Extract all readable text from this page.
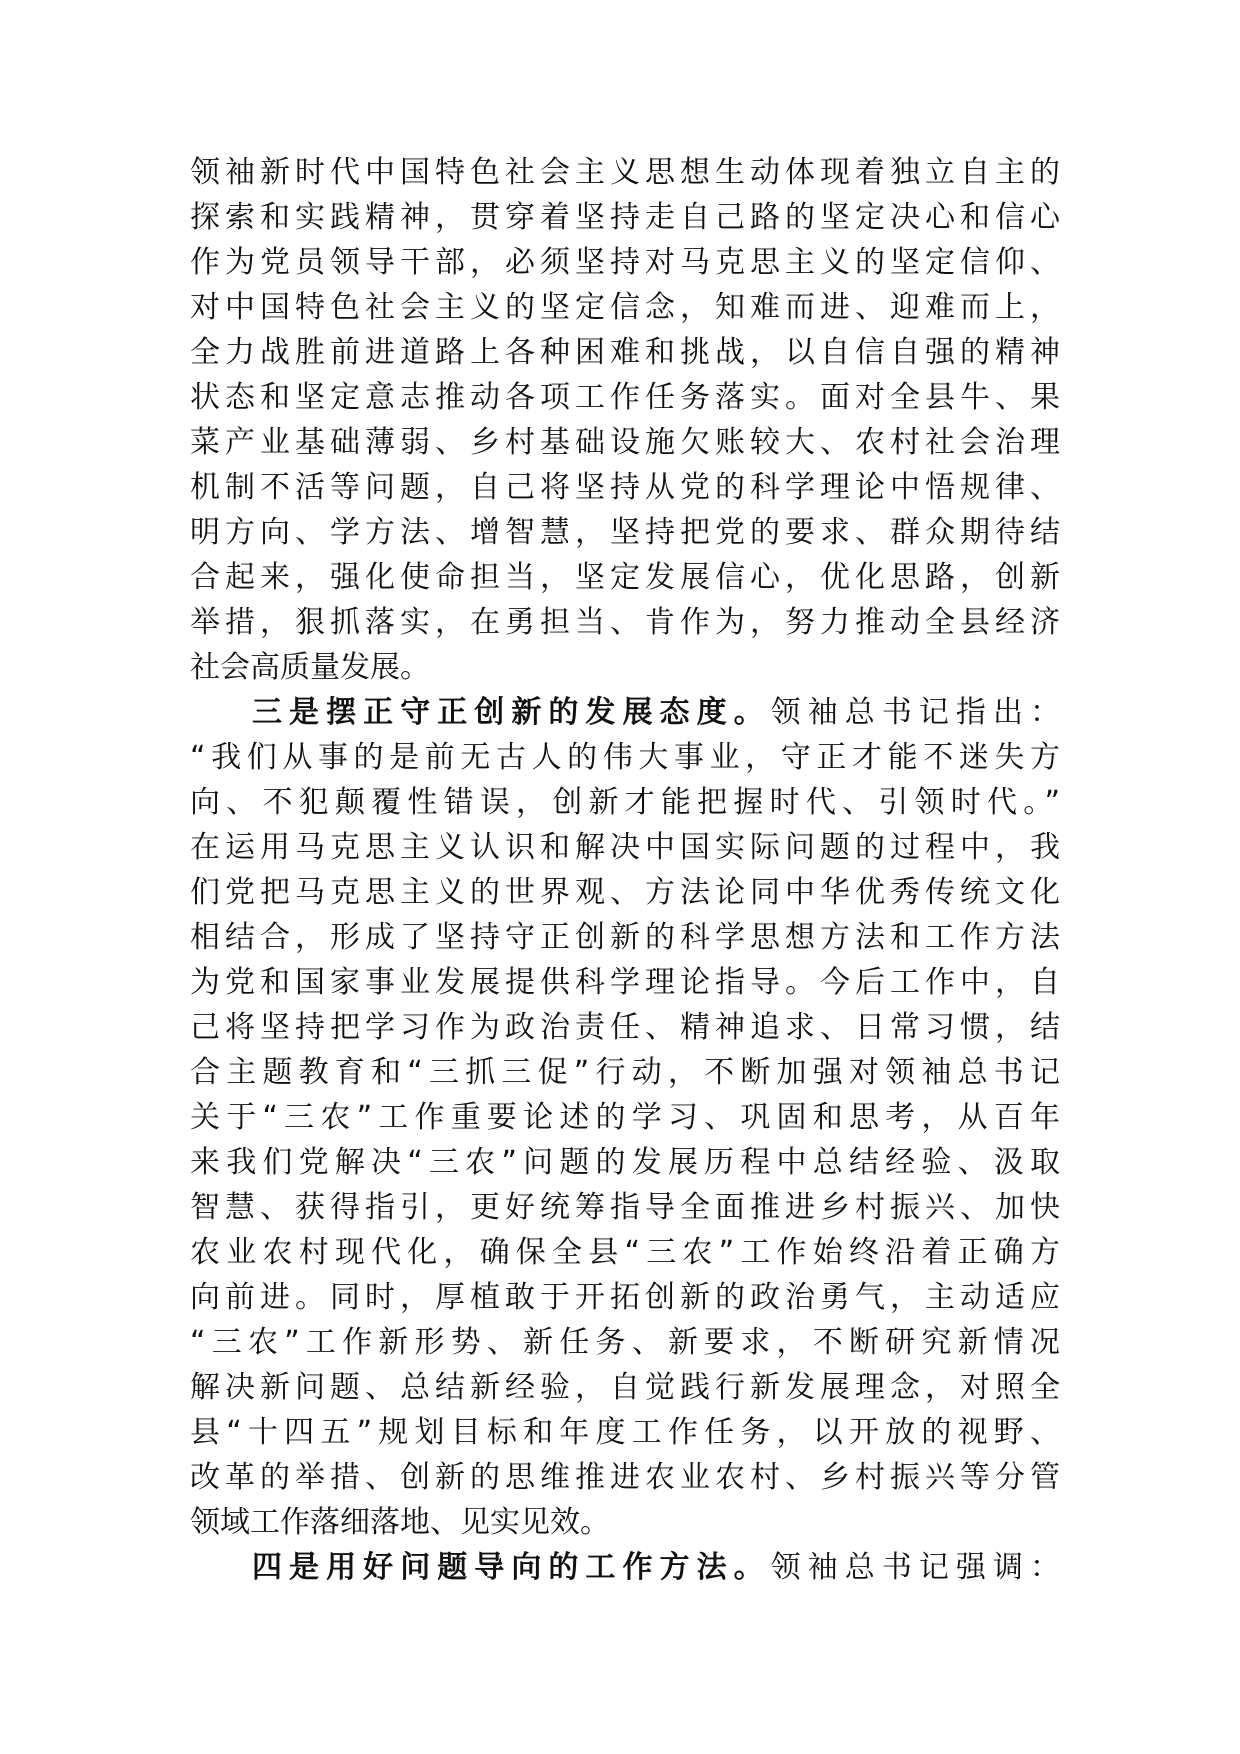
领袖新时代中国特色社会主义思想生动体现着独立自主的
探索和实践精神，贯穿着坚持走自己路的坚定决心和信心
作为党员领导干部，必须坚持对马克思主义的坚定信仰、
对中国特色社会主义的坚定信念，知难而进、迎难而上，
全力战胜前进道路上各种困难和挑战，以自信自强的精神
状态和坚定意志推动各项工作任务落实。面对全县牛、果
菜产业基础薄弱、乡村基础设施欠账较大、农村社会治理
机制不活等问题，自己将坚持从党的科学理论中悟规律、
明方向、学方法、增智慧，坚持把党的要求、群众期待结
合起来，强化使命担当，坚定发展信心，优化思路，创新
举措，狠抓落实，在勇担当、肯作为，努力推动全县经济
社会高质量发展。
三是摆正守正创新的发展态度。领袖总书记指出：
“我们从事的是前无古人的伟大事业，守正才能不迷失方
向、不犯颠覆性错误，创新才能把握时代、引领时代。”
在运用马克思主义认识和解决中国实际问题的过程中，我
们党把马克思主义的世界观、方法论同中华优秀传统文化
相结合，形成了坚持守正创新的科学思想方法和工作方法
为党和国家事业发展提供科学理论指导。今后工作中，自
己将坚持把学习作为政治责任、精神追求、日常习惯，结
合主题教育和“三抓三促”行动，不断加强对领袖总书记
关于“三农”工作重要论述的学习、巩固和思考，从百年
来我们党解决“三农”问题的发展历程中总结经验、汲取
智慧、获得指引，更好统筹指导全面推进乡村振兴、加快
农业农村现代化，确保全县“三农”工作始终沿着正确方
向前进。同时，厚植敢于开拓创新的政治勇气，主动适应
“三农”工作新形势、新任务、新要求，不断研究新情况
解决新问题、总结新经验，自觉践行新发展理念，对照全
县“十四五”规划目标和年度工作任务，以开放的视野、
改革的举措、创新的思维推进农业农村、乡村振兴等分管
领域工作落细落地、见实见效。
四是用好问题导向的工作方法。领袖总书记强调：
